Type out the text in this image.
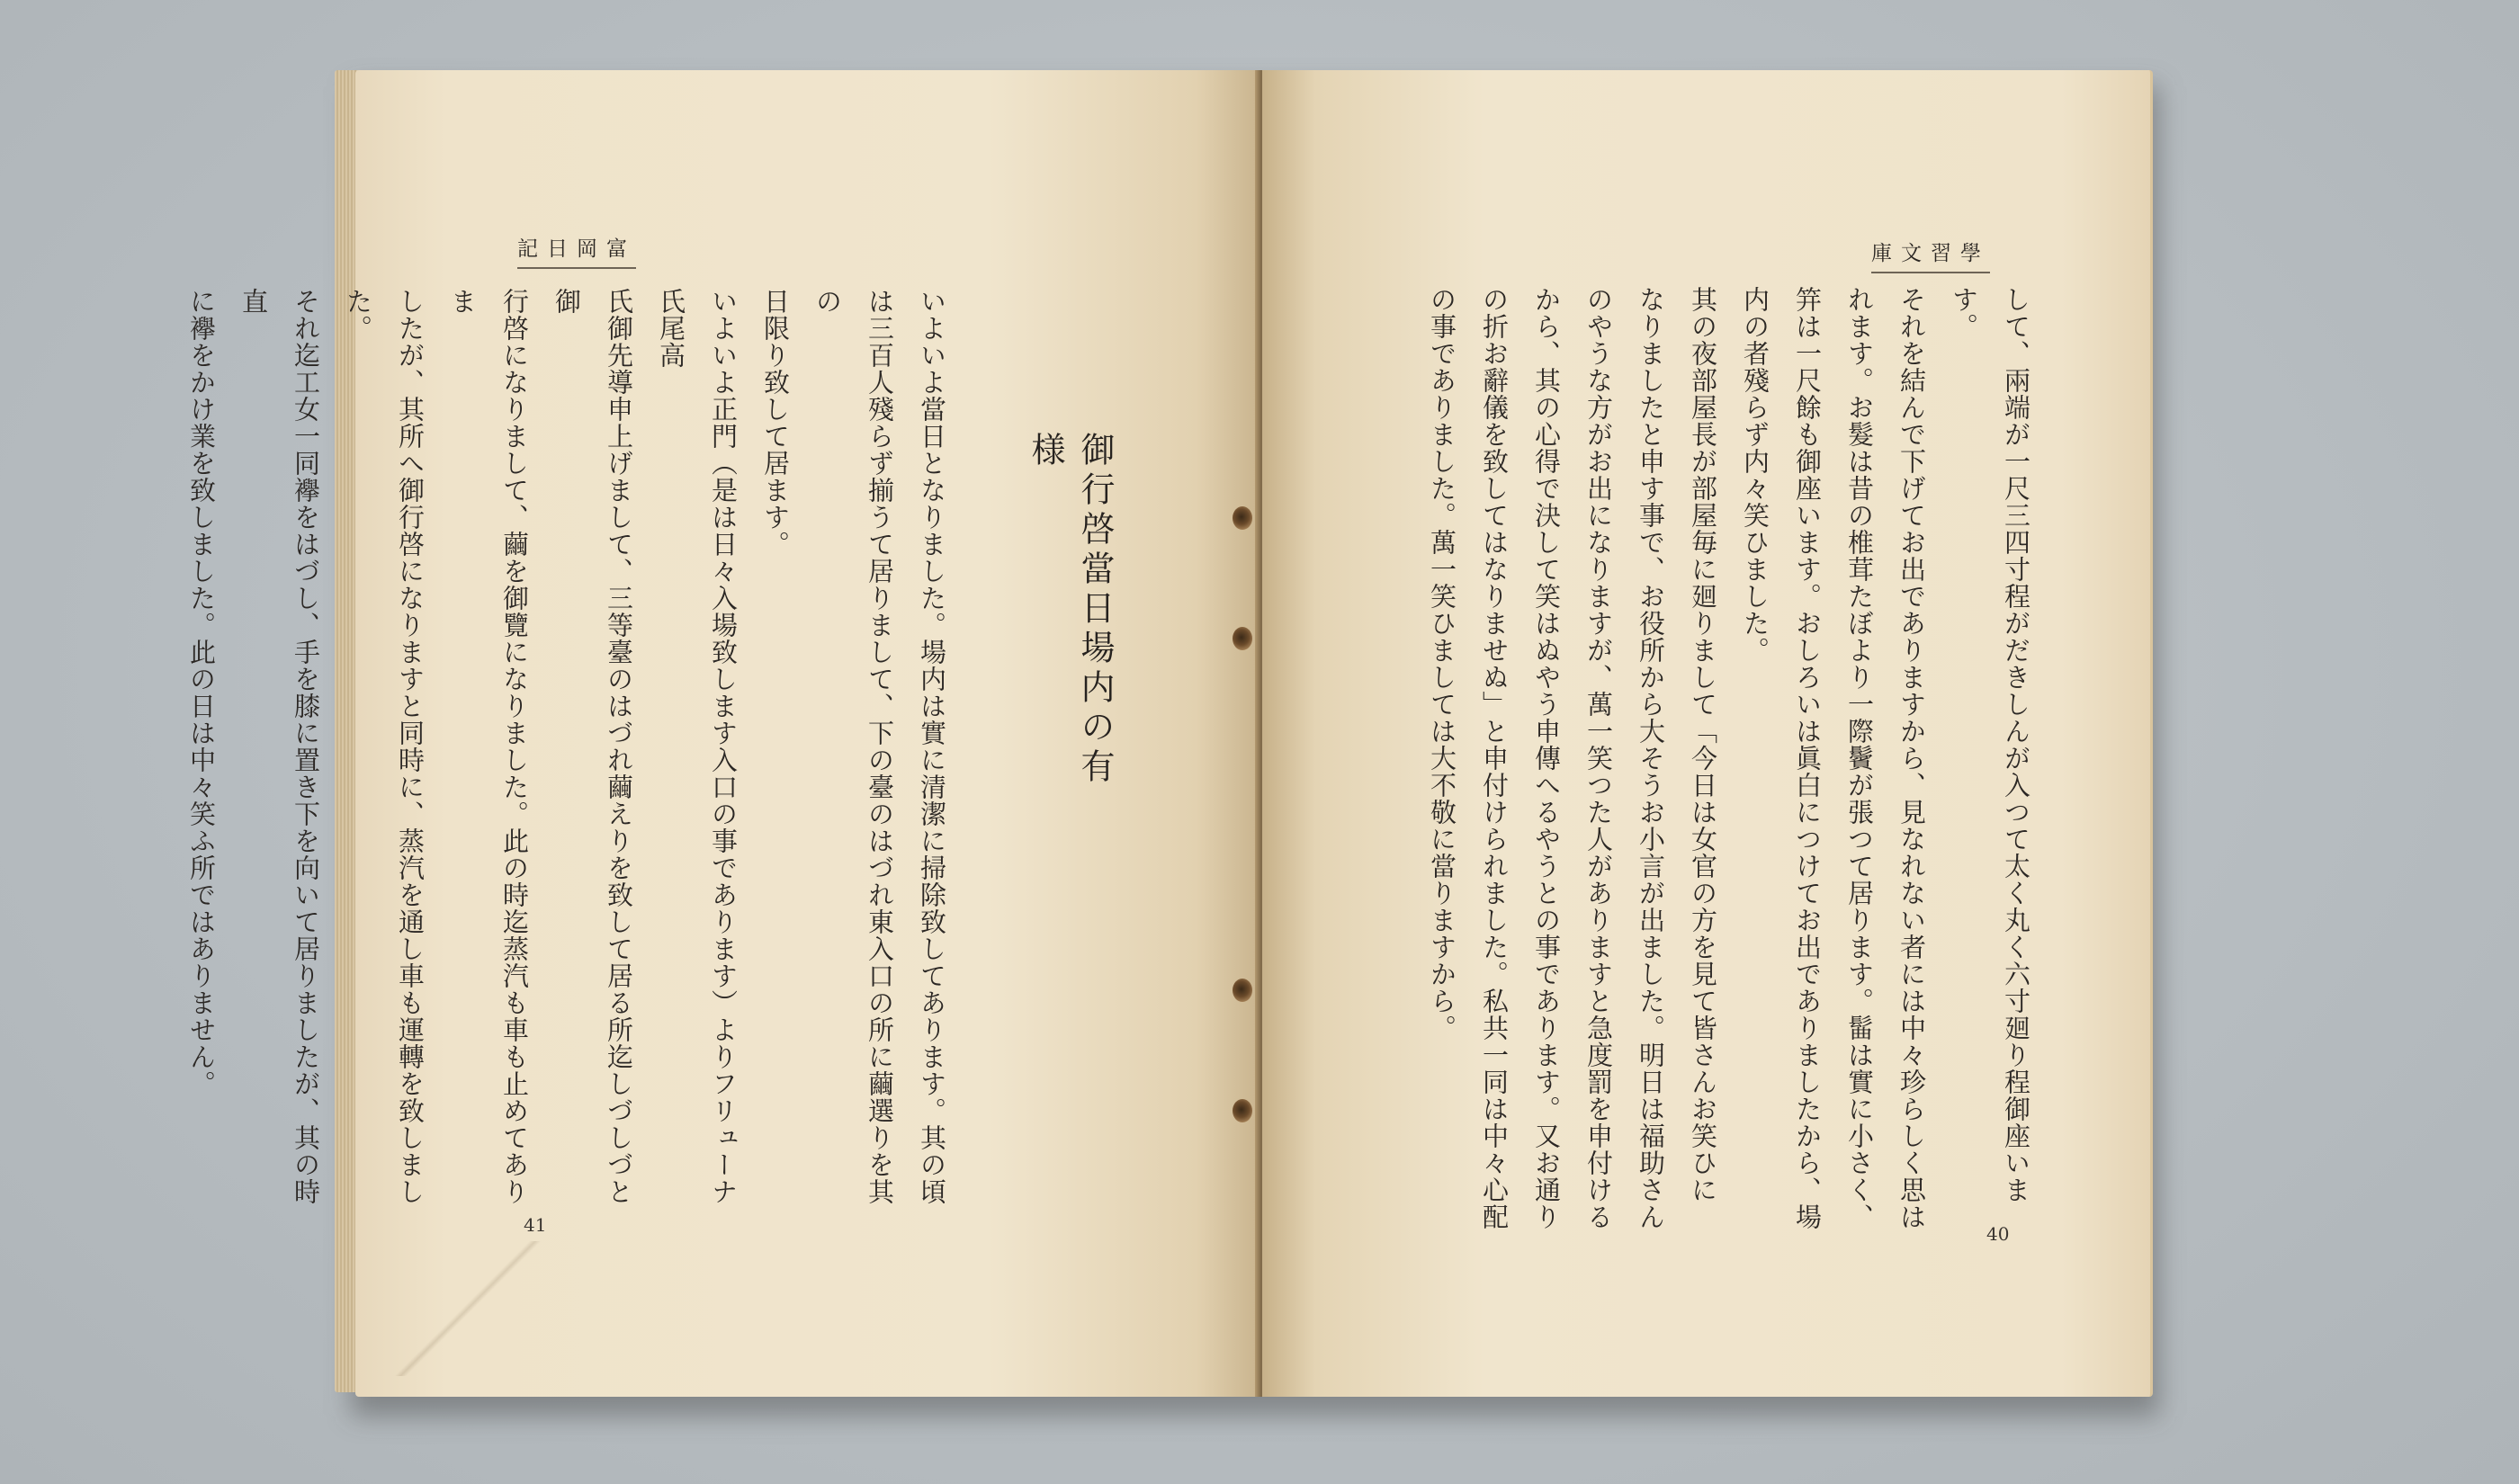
記日岡富
41
御行啓當日場内の有様
いよいよ當日となりました。場内は實に清潔に掃除致してあります。其の頃
は三百人殘らず揃うて居りまして、下の臺のはづれ東入口の所に繭選りを其の
日限り致して居ます。
いよいよ正門（是は日々入場致します入口の事であります）よりフリューナ氏尾高
氏御先導申上げまして、三等臺のはづれ繭えりを致して居る所迄しづしづと御
行啓になりまして、繭を御覽になりました。此の時迄蒸汽も車も止めてありま
したが、其所へ御行啓になりますと同時に、蒸汽を通し車も運轉を致しました。
それ迄工女一同襷をはづし、手を膝に置き下を向いて居りましたが、其の時直
に襷をかけ業を致しました。此の日は中々笑ふ所ではありません。
庫文習學
40
して、兩端が一尺三四寸程がだきしんが入つて太く丸く六寸廻り程御座います。
それを結んで下げてお出でありますから、見なれない者には中々珍らしく思は
れます。お髮は昔の椎茸たぼより一際鬢が張つて居ります。髷は實に小さく、
笄は一尺餘も御座います。おしろいは眞白につけてお出でありましたから、場
内の者殘らず内々笑ひました。
其の夜部屋長が部屋毎に廻りまして「今日は女官の方を見て皆さんお笑ひに
なりましたと申す事で、お役所から大そうお小言が出ました。明日は福助さん
のやうな方がお出になりますが、萬一笑つた人がありますと急度罰を申付ける
から、其の心得で決して笑はぬやう申傳へるやうとの事であります。又お通り
の折お辭儀を致してはなりませぬ」と申付けられました。私共一同は中々心配
の事でありました。萬一笑ひましては大不敬に當りますから。
